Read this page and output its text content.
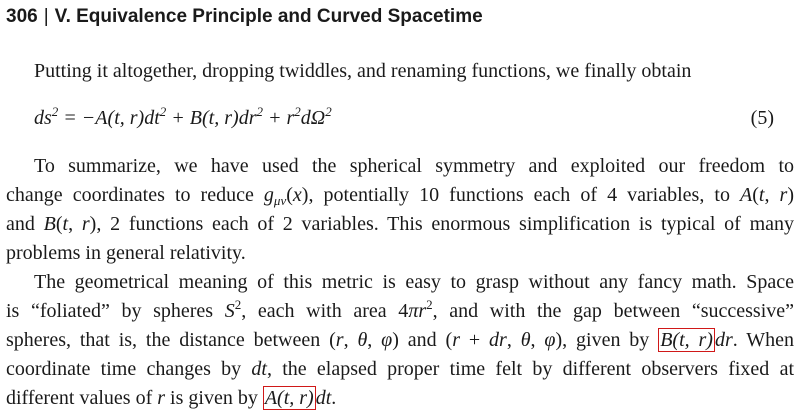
306 | V. Equivalence Principle and Curved Spacetime
Putting it altogether, dropping twiddles, and renaming functions, we finally obtain
$ds^2 = -A(t$, $r)dt^2 + B(t$, $r)dr^2 + r^2d\Omega^2$	(5)
To summarize, we have used the spherical symmetry and exploited our freedom to
change coordinates to reduce $g_{\mu\nu}(x)$, potentially 10 functions each of 4 variables, to A(t, r)
and B(t, r), 2 functions each of 2 variables. This enormous simplification is typical of many
problems in general relativity.
The geometrical meaning of this metric is easy to grasp without any fancy math. Space
is “foliated” by spheres $S^2$, each with area $4\pi r^2$, and with the gap between “successive”
spheres, that is, the distance between (r, θ, φ) and (r + dr, θ, φ), given by B(t, r) dr. When
coordinate time changes by dt, the elapsed proper time felt by different observers fixed at
different values of r is given by A(t, r) dt.
